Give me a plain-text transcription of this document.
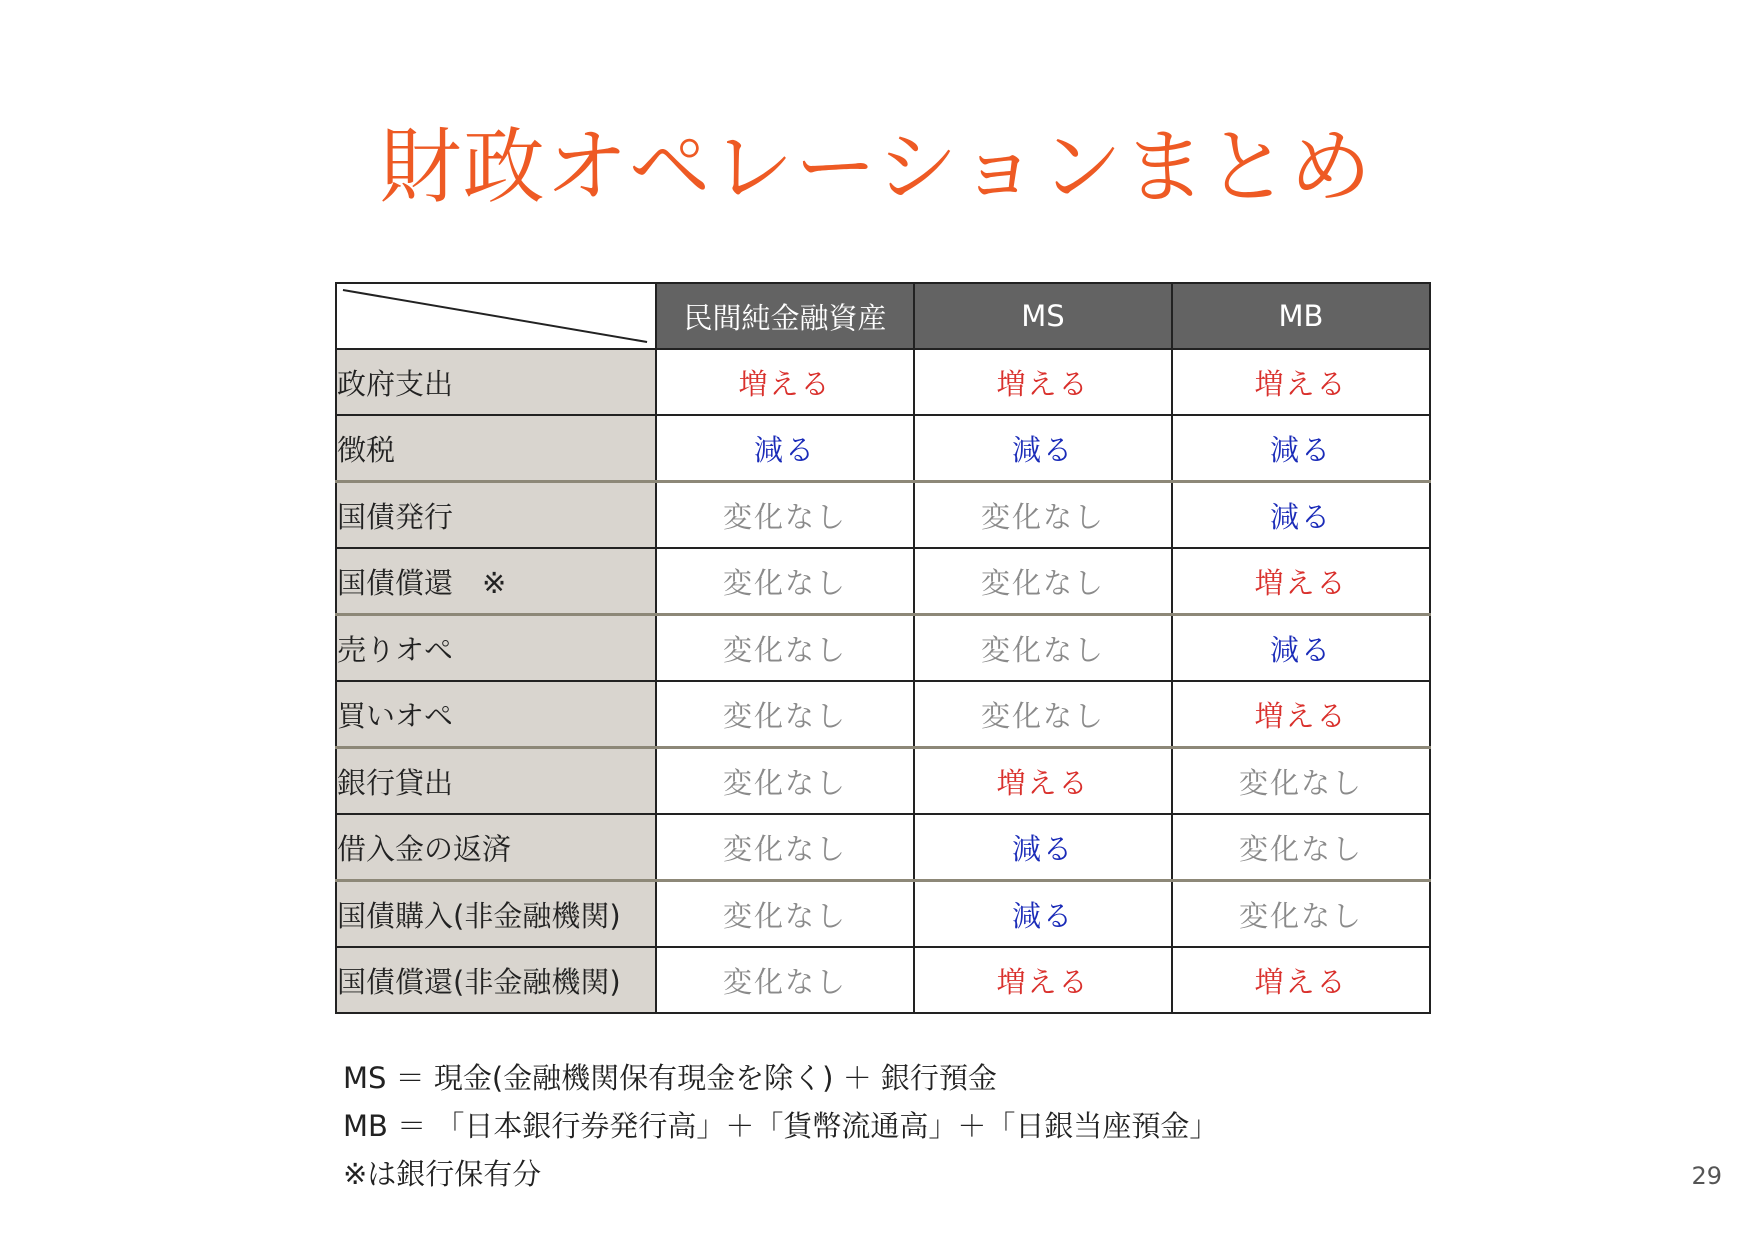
財政オペレーションまとめ
	民間純金融資産	MS	MB
政府支出	増える	増える	増える
徴税	減る	減る	減る
国債発行	変化なし	変化なし	減る
国債償還　※	変化なし	変化なし	増える
売りオペ	変化なし	変化なし	減る
買いオペ	変化なし	変化なし	増える
銀行貸出	変化なし	増える	変化なし
借入金の返済	変化なし	減る	変化なし
国債購入(非金融機関)	変化なし	減る	変化なし
国債償還(非金融機関)	変化なし	増える	増える
MS ＝ 現金(金融機関保有現金を除く) ＋ 銀行預金
MB ＝ 「日本銀行券発行高」＋「貨幣流通高」＋「日銀当座預金」
※は銀行保有分	29
